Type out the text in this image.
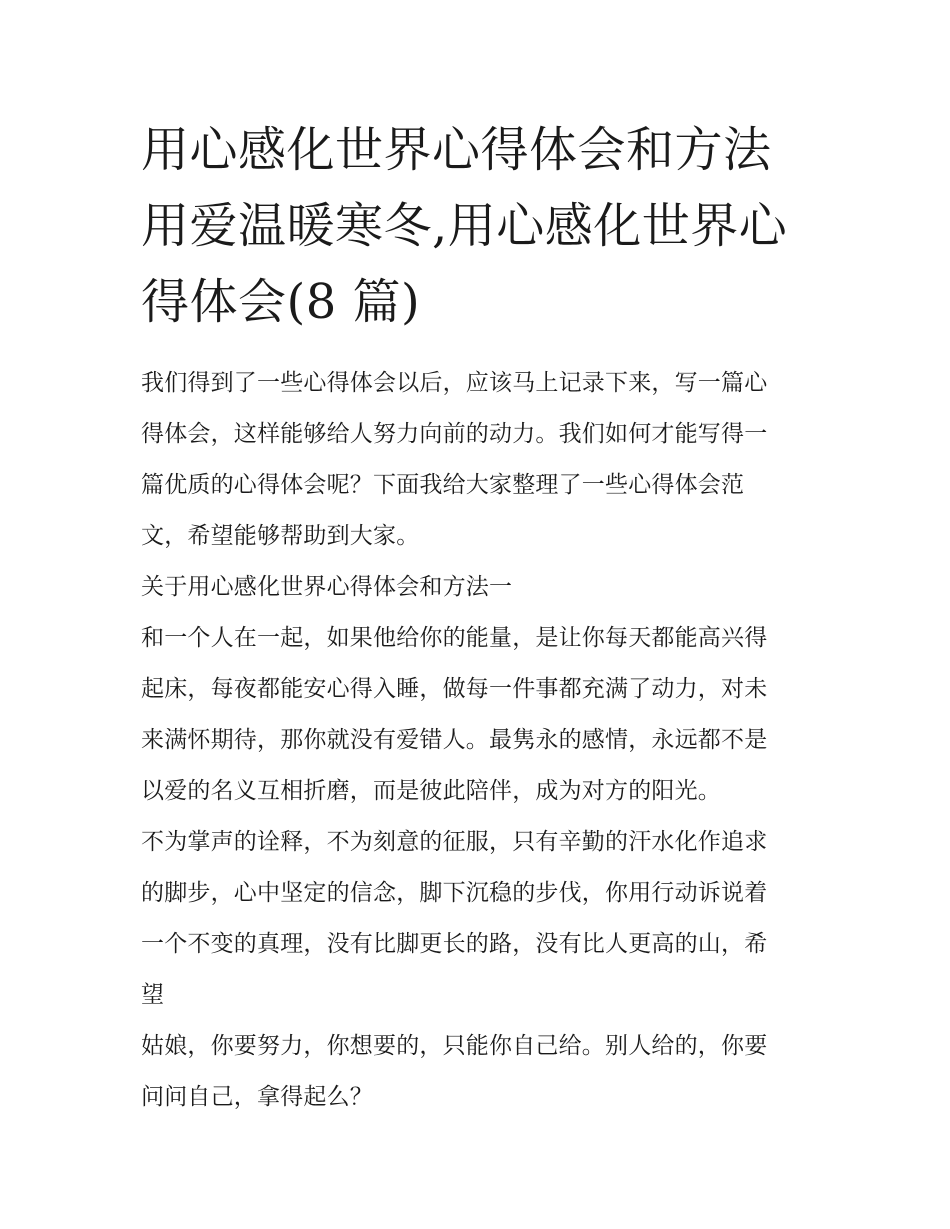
用心感化世界心得体会和方法
用爱温暖寒冬,用心感化世界心
得体会(8 篇)

我们得到了一些心得体会以后，应该马上记录下来，写一篇心
得体会，这样能够给人努力向前的动力。我们如何才能写得一
篇优质的心得体会呢？下面我给大家整理了一些心得体会范
文，希望能够帮助到大家。

关于用心感化世界心得体会和方法一

和一个人在一起，如果他给你的能量，是让你每天都能高兴得
起床，每夜都能安心得入睡，做每一件事都充满了动力，对未
来满怀期待，那你就没有爱错人。最隽永的感情，永远都不是
以爱的名义互相折磨，而是彼此陪伴，成为对方的阳光。

不为掌声的诠释，不为刻意的征服，只有辛勤的汗水化作追求
的脚步，心中坚定的信念，脚下沉稳的步伐，你用行动诉说着
一个不变的真理，没有比脚更长的路，没有比人更高的山，希
望

姑娘，你要努力，你想要的，只能你自己给。别人给的，你要
问问自己，拿得起么？
